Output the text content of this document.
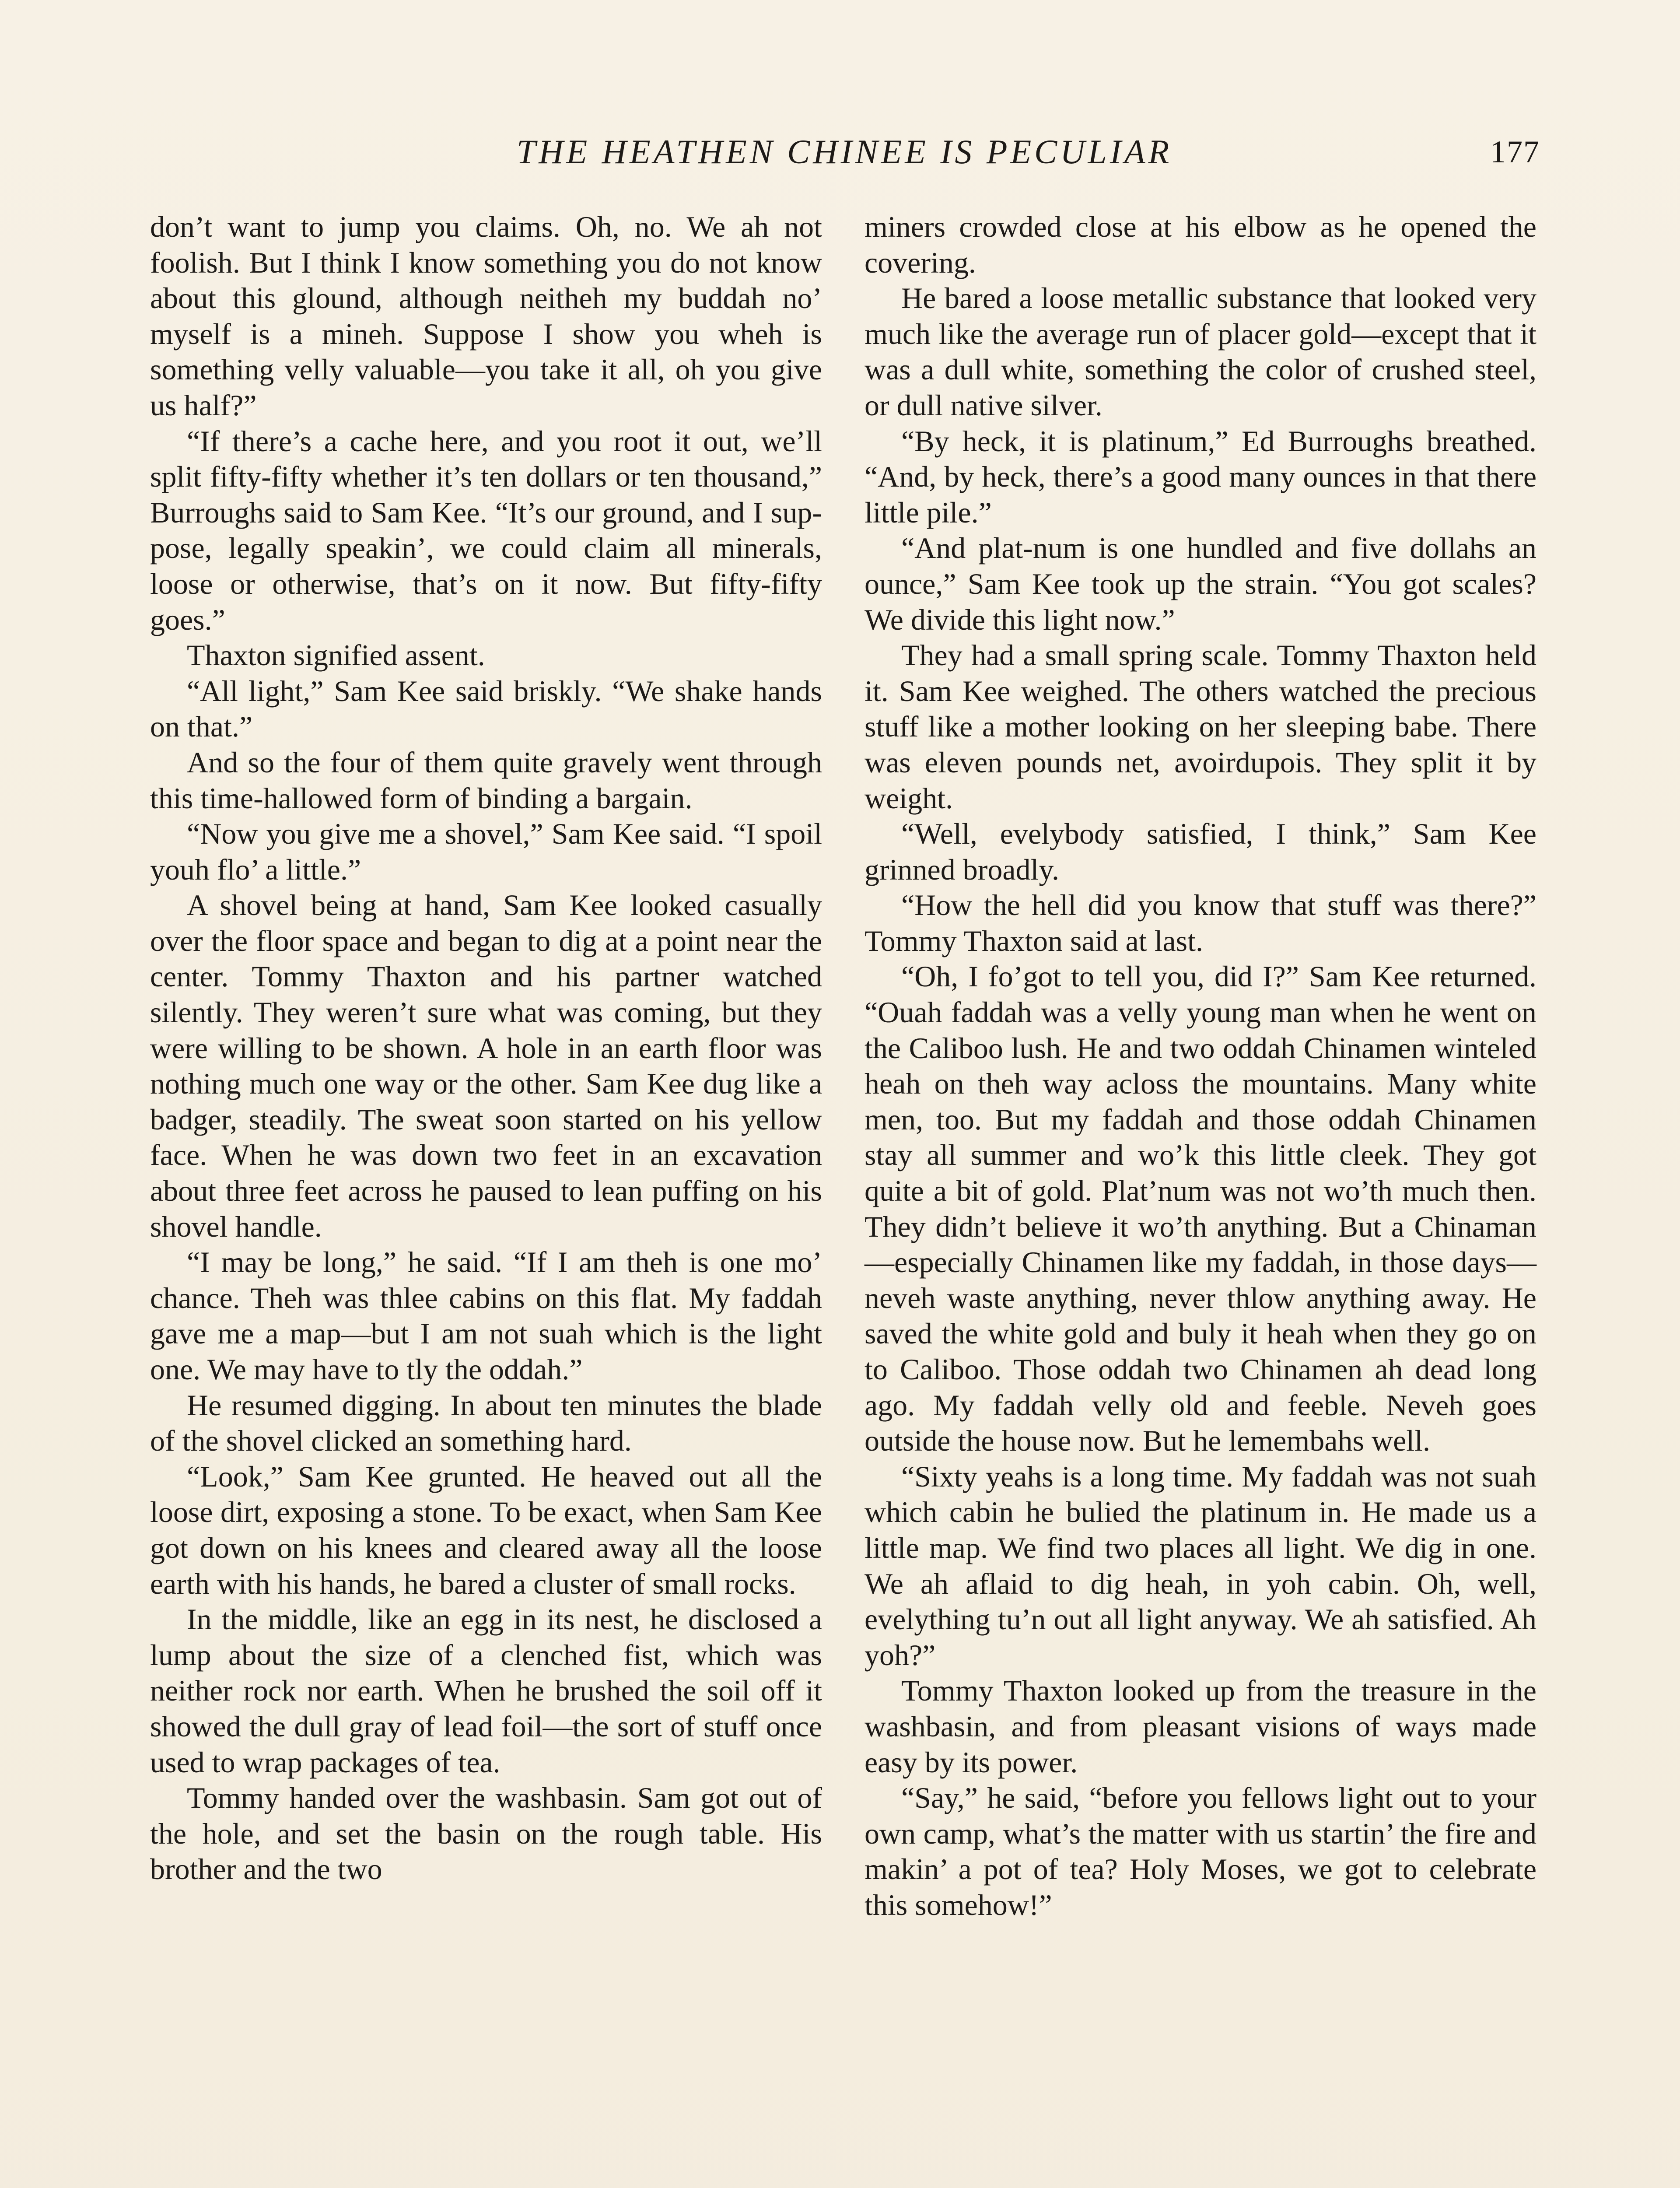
THE HEATHEN CHINEE IS PECULIAR	177

don’t want to jump you claims. Oh, no. We ah not foolish. But I think I know something you do not know about this gloun‍d, although neitheh my buddah no’ myself is a mineh. Suppose I show you wheh is something velly valuable—you take it all, oh you give us half?”

“If there’s a cache here, and you root it out, we’ll split fifty-fifty whether it’s ten dollars or ten thousand,” Burroughs said to Sam Kee. “It’s our ground, and I suppose, legally speakin’, we could claim all minerals, loose or otherwise, that’s on it now. But fifty-fifty goes.”

Thaxton signified assent.

“All light,” Sam Kee said briskly. “We shake hands on that.”

And so the four of them quite gravely went through this time-hallowed form of binding a bargain.

“Now you give me a shovel,” Sam Kee said. “I spoil youh flo’ a little.”

A shovel being at hand, Sam Kee looked casually over the floor space and began to dig at a point near the center. Tommy Thaxton and his partner watched silently. They weren’t sure what was coming, but they were willing to be shown. A hole in an earth floor was nothing much one way or the other. Sam Kee dug like a badger, steadily. The sweat soon started on his yellow face. When he was down two feet in an excavation about three feet across he paused to lean puffing on his shovel handle.

“I may be long,” he said. “If I am theh is one mo’ chance. Theh was thlee cabins on this flat. My faddah gave me a map—but I am not suah which is the light one. We may have to tly the oddah.”

He resumed digging. In about ten minutes the blade of the shovel clicked an something hard.

“Look,” Sam Kee grunted. He heaved out all the loose dirt, exposing a stone. To be exact, when Sam Kee got down on his knees and cleared away all the loose earth with his hands, he bared a cluster of small rocks.

In the middle, like an egg in its nest, he disclosed a lump about the size of a clenched fist, which was neither rock nor earth. When he brushed the soil off it showed the dull gray of lead foil—the sort of stuff once used to wrap packages of tea.

Tommy handed over the washbasin. Sam got out of the hole, and set the basin on the rough table. His brother and the two

miners crowded close at his elbow as he opened the covering.

He bared a loose metallic substance that looked very much like the average run of placer gold—except that it was a dull white, something the color of crushed steel, or dull native silver.

“By heck, it is platinum,” Ed Burroughs breathed. “And, by heck, there’s a good many ounces in that there little pile.”

“And plat-num is one hundled and five dollahs an ounce,” Sam Kee took up the strain. “You got scales? We divide this light now.”

They had a small spring scale. Tommy Thaxton held it. Sam Kee weighed. The others watched the precious stuff like a mother looking on her sleeping babe. There was eleven pounds net, avoirdupois. They split it by weight.

“Well, evelybody satisfied, I think,” Sam Kee grinned broadly.

“How the hell did you know that stuff was there?” Tommy Thaxton said at last.

“Oh, I fo’got to tell you, did I?” Sam Kee returned. “Ouah faddah was a velly young man when he went on the Caliboo lush. He and two oddah Chinamen winteled heah on theh way acloss the mountains. Many white men, too. But my faddah and those oddah Chinamen stay all summer and wo’k this little cleek. They got quite a bit of gold. Plat’num was not wo’th much then. They didn’t believe it wo’th anything. But a Chinaman—especially Chinamen like my faddah, in those days—neveh waste anything, never thlow anything away. He saved the white gold and buly it heah when they go on to Caliboo. Those oddah two Chinamen ah dead long ago. My faddah velly old and feeble. Neveh goes outside the house now. But he lemembahs well.

“Sixty yeahs is a long time. My faddah was not suah which cabin he bulied the platinum in. He made us a little map. We find two places all light. We dig in one. We ah aflaid to dig heah, in yoh cabin. Oh, well, evelything tu’n out all light anyway. We ah satisfied. Ah yoh?”

Tommy Thaxton looked up from the treasure in the washbasin, and from pleasant visions of ways made easy by its power.

“Say,” he said, “before you fellows light out to your own camp, what’s the matter with us startin’ the fire and makin’ a pot of tea? Holy Moses, we got to celebrate this somehow!”
